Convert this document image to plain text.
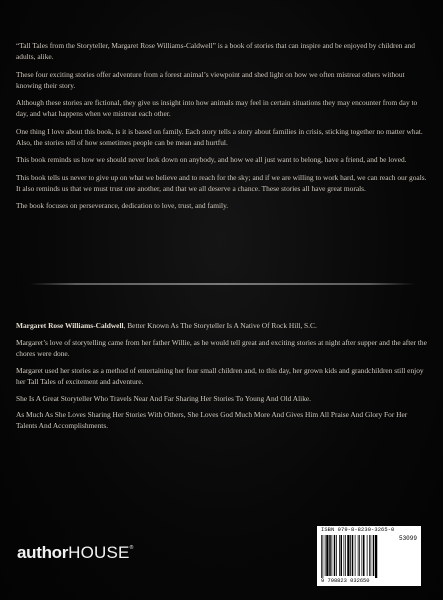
“Tall Tales from the Storyteller, Margaret Rose Williams-Caldwell” is a book of stories that can inspire and be enjoyed by children and adults, alike.

These four exciting stories offer adventure from a forest animal’s viewpoint and shed light on how we often mistreat others without knowing their story.

Although these stories are fictional, they give us insight into how animals may feel in certain situations they may encounter from day to day, and what happens when we mistreat each other.

One thing I love about this book, is it is based on family. Each story tells a story about families in crisis, sticking together no matter what. Also, the stories tell of how sometimes people can be mean and hurtful.

This book reminds us how we should never look down on anybody, and how we all just want to belong, have a friend, and be loved.

This book tells us never to give up on what we believe and to reach for the sky; and if we are willing to work hard, we can reach our goals. It also reminds us that we must trust one another, and that we all deserve a chance. These stories all have great morals.

The book focuses on perseverance, dedication to love, trust, and family.

Margaret Rose Williams-Caldwell, Better Known As The Storyteller Is A Native Of Rock Hill, S.C.

Margaret’s love of storytelling came from her father Willie, as he would tell great and exciting stories at night after supper and the after the chores were done.

Margaret used her stories as a method of entertaining her four small children and, to this day, her grown kids and grandchildren still enjoy her Tall Tales of excitement and adventure.

She Is A Great Storyteller Who Travels Near And Far Sharing Her Stories To Young And Old Alike.

As Much As She Loves Sharing Her Stories With Others, She Loves God Much More And Gives Him All Praise And Glory For Her Talents And Accomplishments.

authorHOUSE®
ISBN 979-8-8230-3265-0
53099
9 798823 032650
